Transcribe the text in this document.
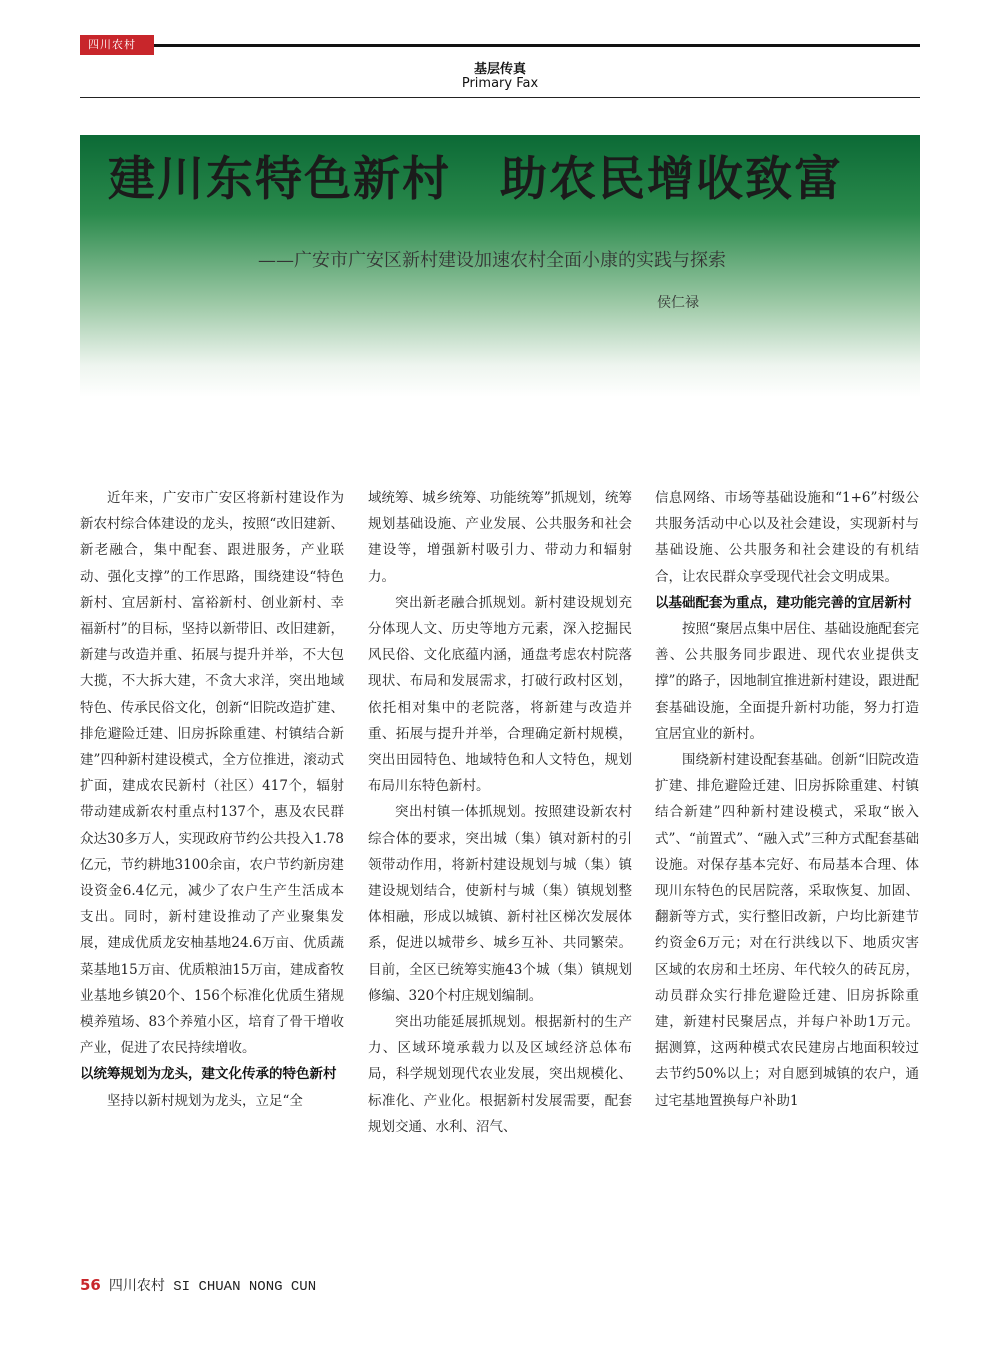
四川农村
基层传真
Primary Fax
建川东特色新村　助农民增收致富
——广安市广安区新村建设加速农村全面小康的实践与探索
侯仁禄

近年来，广安市广安区将新村建设作为新农村综合体建设的龙头，按照“改旧建新、新老融合，集中配套、跟进服务，产业联动、强化支撑”的工作思路，围绕建设“特色新村、宜居新村、富裕新村、创业新村、幸福新村”的目标，坚持以新带旧、改旧建新，新建与改造并重、拓展与提升并举，不大包大揽，不大拆大建，不贪大求洋，突出地域特色、传承民俗文化，创新“旧院改造扩建、排危避险迁建、旧房拆除重建、村镇结合新建”四种新村建设模式，全方位推进，滚动式扩面，建成农民新村（社区）417个，辐射带动建成新农村重点村137个，惠及农民群众达30多万人，实现政府节约公共投入1.78亿元，节约耕地3100余亩，农户节约新房建设资金6.4亿元，减少了农户生产生活成本支出。同时，新村建设推动了产业聚集发展，建成优质龙安柚基地24.6万亩、优质蔬菜基地15万亩、优质粮油15万亩，建成畜牧业基地乡镇20个、156个标准化优质生猪规模养殖场、83个养殖小区，培育了骨干增收产业，促进了农民持续增收。

以统筹规划为龙头，建文化传承的特色新村

坚持以新村规划为龙头，立足“全

域统筹、城乡统筹、功能统筹”抓规划，统筹规划基础设施、产业发展、公共服务和社会建设等，增强新村吸引力、带动力和辐射力。

突出新老融合抓规划。新村建设规划充分体现人文、历史等地方元素，深入挖掘民风民俗、文化底蕴内涵，通盘考虑农村院落现状、布局和发展需求，打破行政村区划，依托相对集中的老院落，将新建与改造并重、拓展与提升并举，合理确定新村规模，突出田园特色、地域特色和人文特色，规划布局川东特色新村。

突出村镇一体抓规划。按照建设新农村综合体的要求，突出城（集）镇对新村的引领带动作用，将新村建设规划与城（集）镇建设规划结合，使新村与城（集）镇规划整体相融，形成以城镇、新村社区梯次发展体系，促进以城带乡、城乡互补、共同繁荣。目前，全区已统筹实施43个城（集）镇规划修编、320个村庄规划编制。

突出功能延展抓规划。根据新村的生产力、区域环境承载力以及区域经济总体布局，科学规划现代农业发展，突出规模化、标准化、产业化。根据新村发展需要，配套规划交通、水利、沼气、

信息网络、市场等基础设施和“1+6”村级公共服务活动中心以及社会建设，实现新村与基础设施、公共服务和社会建设的有机结合，让农民群众享受现代社会文明成果。

以基础配套为重点，建功能完善的宜居新村

按照“聚居点集中居住、基础设施配套完善、公共服务同步跟进、现代农业提供支撑”的路子，因地制宜推进新村建设，跟进配套基础设施，全面提升新村功能，努力打造宜居宜业的新村。

围绕新村建设配套基础。创新“旧院改造扩建、排危避险迁建、旧房拆除重建、村镇结合新建”四种新村建设模式，采取“嵌入式”、“前置式”、“融入式”三种方式配套基础设施。对保存基本完好、布局基本合理、体现川东特色的民居院落，采取恢复、加固、翻新等方式，实行整旧改新，户均比新建节约资金6万元；对在行洪线以下、地质灾害区域的农房和土坯房、年代较久的砖瓦房，动员群众实行排危避险迁建、旧房拆除重建，新建村民聚居点，并每户补助1万元。据测算，这两种模式农民建房占地面积较过去节约50%以上；对自愿到城镇的农户，通过宅基地置换每户补助1

56 四川农村 SI CHUAN NONG CUN
